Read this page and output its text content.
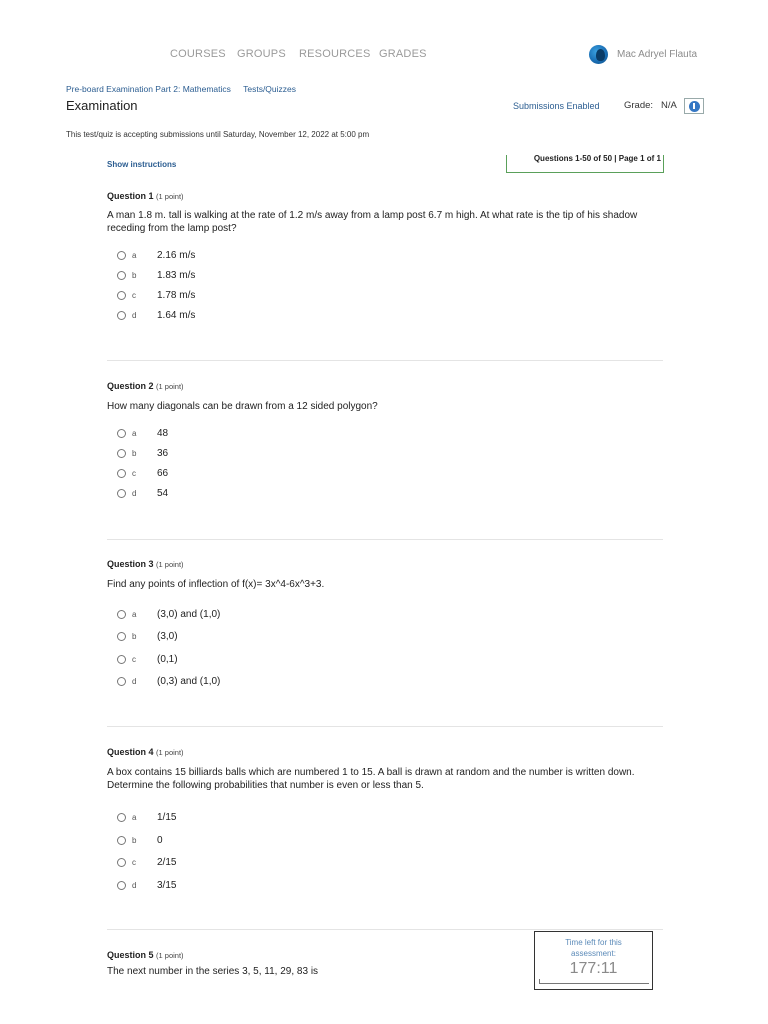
COURSES GROUPS RESOURCES GRADES	Mac Adryel Flauta
Pre-board Examination Part 2: Mathematics Tests/Quizzes
Examination	Submissions Enabled	Grade: N/A
This test/quiz is accepting submissions until Saturday, November 12, 2022 at 5:00 pm
Show instructions
Questions 1-50 of 50 | Page 1 of 1
Question 1 (1 point)
A man 1.8 m. tall is walking at the rate of 1.2 m/s away from a lamp post 6.7 m high. At what rate is the tip of his shadow receding from the lamp post?
a	2.16 m/s
b	1.83 m/s
c	1.78 m/s
d	1.64 m/s
Question 2 (1 point)
How many diagonals can be drawn from a 12 sided polygon?
a	48
b	36
c	66
d	54
Question 3 (1 point)
Find any points of inflection of f(x)= 3x^4-6x^3+3.
a	(3,0) and (1,0)
b	(3,0)
c	(0,1)
d	(0,3) and (1,0)
Question 4 (1 point)
A box contains 15 billiards balls which are numbered 1 to 15. A ball is drawn at random and the number is written down. Determine the following probabilities that number is even or less than 5.
a	1/15
b	0
c	2/15
d	3/15
Question 5 (1 point)
The next number in the series 3, 5, 11, 29, 83 is
Time left for this assessment:
177:11
